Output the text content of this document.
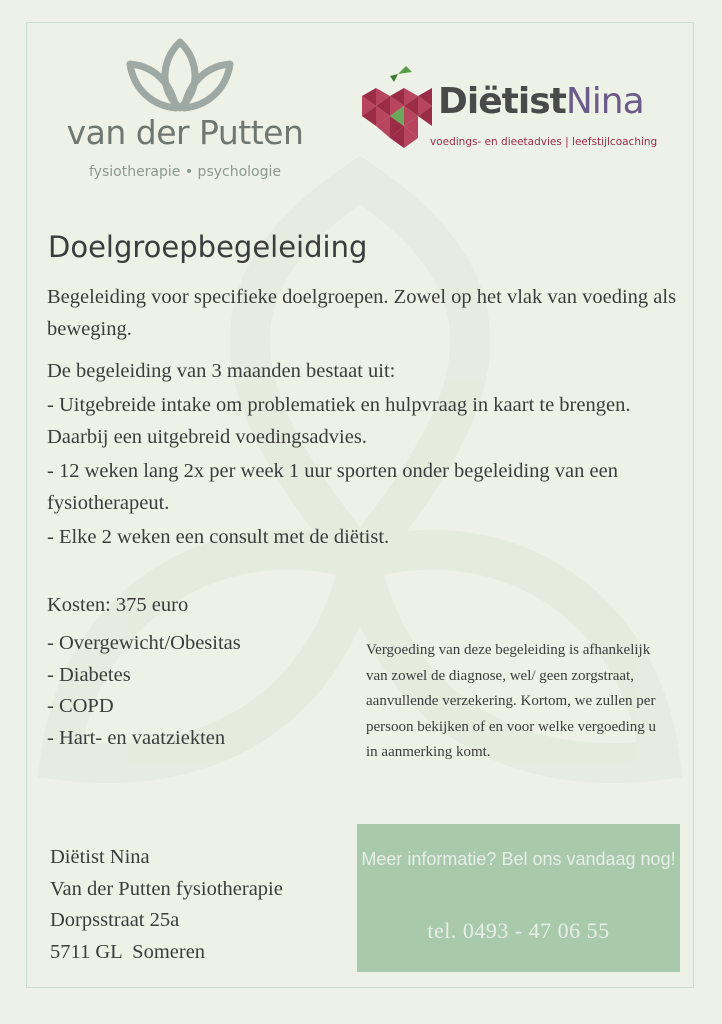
van der Putten
fysiotherapie • psychologie
DiëtistNina
voedings- en dieetadvies | leefstijlcoaching
Doelgroepbegeleiding

Begeleiding voor specifieke doelgroepen. Zowel op het vlak van voeding als beweging.

De begeleiding van 3 maanden bestaat uit:

- Uitgebreide intake om problematiek en hulpvraag in kaart te brengen. Daarbij een uitgebreid voedingsadvies.

- 12 weken lang 2x per week 1 uur sporten onder begeleiding van een fysiotherapeut.

- Elke 2 weken een consult met de diëtist.

Kosten: 375 euro

- Overgewicht/Obesitas
- Diabetes
- COPD
- Hart- en vaatziekten
Vergoeding van deze begeleiding is afhankelijk van zowel de diagnose, wel/ geen zorgstraat, aanvullende verzekering. Kortom, we zullen per persoon bekijken of en voor welke vergoeding u in aanmerking komt.
Diëtist Nina
Van der Putten fysiotherapie
Dorpsstraat 25a
5711 GL  Someren
Meer informatie? Bel ons vandaag nog!
tel. 0493 - 47 06 55
